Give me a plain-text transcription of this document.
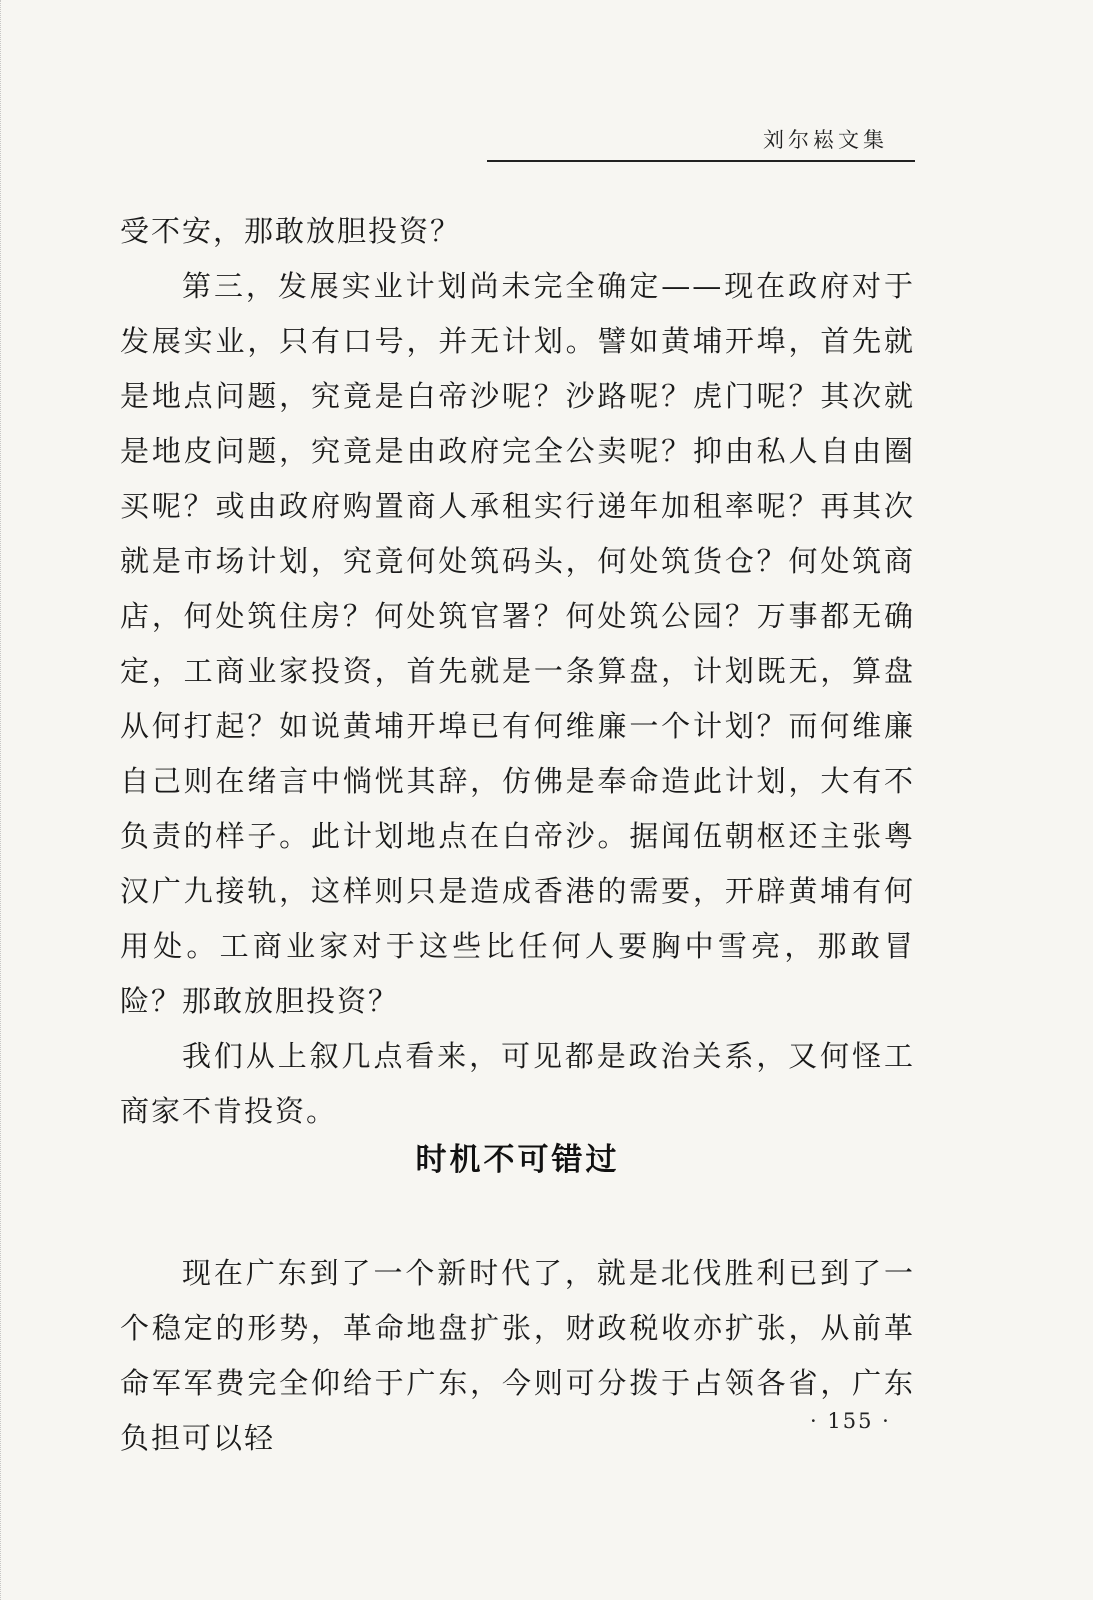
刘尔崧文集

受不安，那敢放胆投资？

第三，发展实业计划尚未完全确定——现在政府对于发展实业，只有口号，并无计划。譬如黄埔开埠，首先就是地点问题，究竟是白帝沙呢？沙路呢？虎门呢？其次就是地皮问题，究竟是由政府完全公卖呢？抑由私人自由圈买呢？或由政府购置商人承租实行递年加租率呢？再其次就是市场计划，究竟何处筑码头，何处筑货仓？何处筑商店，何处筑住房？何处筑官署？何处筑公园？万事都无确定，工商业家投资，首先就是一条算盘，计划既无，算盘从何打起？如说黄埔开埠已有何维廉一个计划？而何维廉自己则在绪言中惝恍其辞，仿佛是奉命造此计划，大有不负责的样子。此计划地点在白帝沙。据闻伍朝枢还主张粤汉广九接轨，这样则只是造成香港的需要，开辟黄埔有何用处。工商业家对于这些比任何人要胸中雪亮，那敢冒险？那敢放胆投资？

我们从上叙几点看来，可见都是政治关系，又何怪工商家不肯投资。

时机不可错过

现在广东到了一个新时代了，就是北伐胜利已到了一个稳定的形势，革命地盘扩张，财政税收亦扩张，从前革命军军费完全仰给于广东，今则可分拨于占领各省，广东负担可以轻	· 155 ·
